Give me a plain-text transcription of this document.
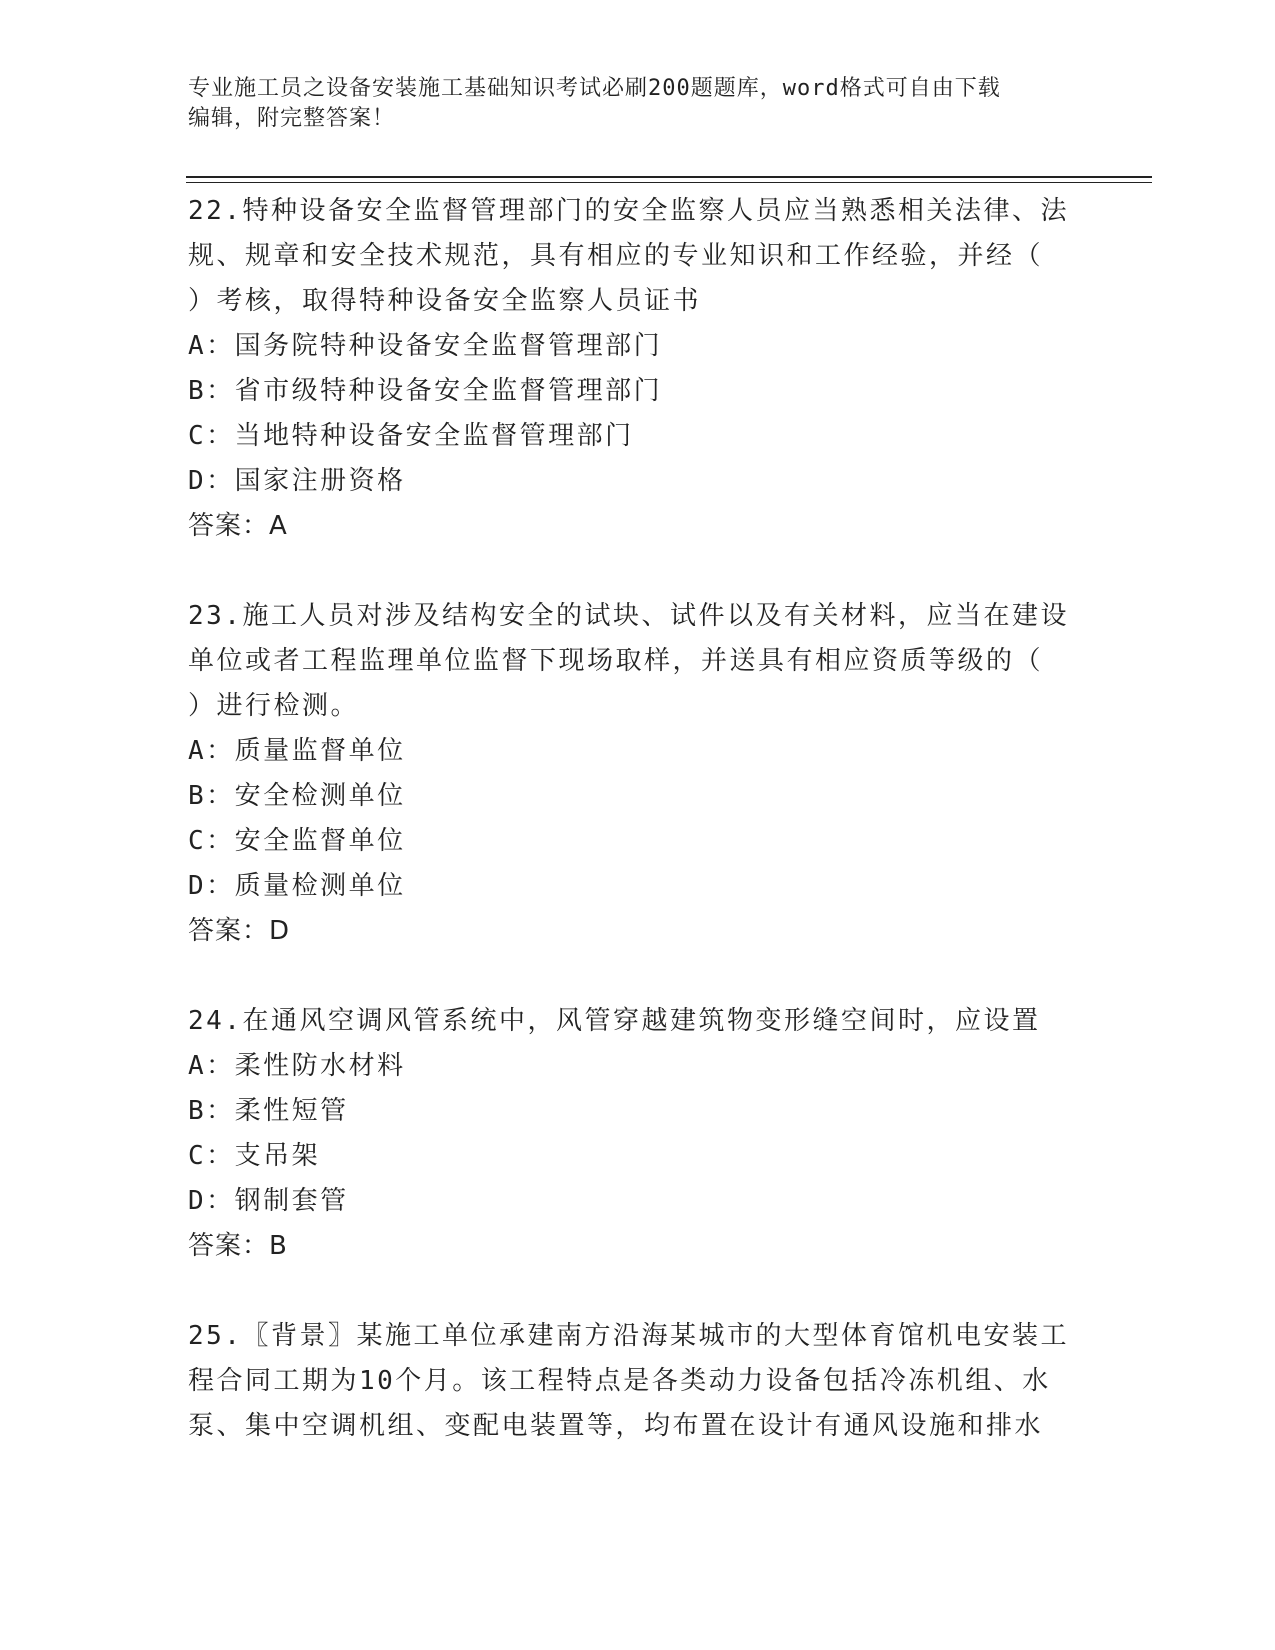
专业施工员之设备安装施工基础知识考试必刷200题题库，word格式可自由下载
编辑，附完整答案！
22.特种设备安全监督管理部门的安全监察人员应当熟悉相关法律、法
规、规章和安全技术规范，具有相应的专业知识和工作经验，并经（
）考核，取得特种设备安全监察人员证书
A：国务院特种设备安全监督管理部门
B：省市级特种设备安全监督管理部门
C：当地特种设备安全监督管理部门
D：国家注册资格
答案：A
23.施工人员对涉及结构安全的试块、试件以及有关材料，应当在建设
单位或者工程监理单位监督下现场取样，并送具有相应资质等级的（
）进行检测。
A：质量监督单位
B：安全检测单位
C：安全监督单位
D：质量检测单位
答案：D
24.在通风空调风管系统中，风管穿越建筑物变形缝空间时，应设置
A：柔性防水材料
B：柔性短管
C：支吊架
D：钢制套管
答案：B
25.〖背景〗某施工单位承建南方沿海某城市的大型体育馆机电安装工
程合同工期为10个月。该工程特点是各类动力设备包括冷冻机组、水
泵、集中空调机组、变配电装置等，均布置在设计有通风设施和排水
